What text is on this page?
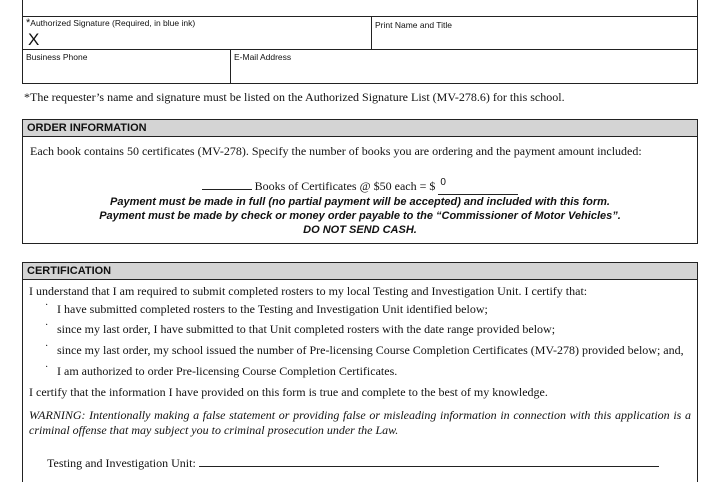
*Authorized Signature (Required, in blue ink)
X
Print Name and Title
Business Phone	E-Mail Address
*The requester’s name and signature must be listed on the Authorized Signature List (MV-278.6) for this school.
ORDER INFORMATION
Each book contains 50 certificates (MV-278). Specify the number of books you are ordering and the payment amount included:
Books of Certificates @ $50 each = $ 0

Payment must be made in full (no partial payment will be accepted) and included with this form.
Payment must be made by check or money order payable to the “Commissioner of Motor Vehicles”.
DO NOT SEND CASH.
CERTIFICATION
I understand that I am required to submit completed rosters to my local Testing and Investigation Unit. I certify that:
· I have submitted completed rosters to the Testing and Investigation Unit identified below;
· since my last order, I have submitted to that Unit completed rosters with the date range provided below;
· since my last order, my school issued the number of Pre-licensing Course Completion Certificates (MV-278) provided below; and,
· I am authorized to order Pre-licensing Course Completion Certificates.
I certify that the information I have provided on this form is true and complete to the best of my knowledge.
WARNING: Intentionally making a false statement or providing false or misleading information in connection with this application is a criminal offense that may subject you to criminal prosecution under the Law.
Testing and Investigation Unit:
